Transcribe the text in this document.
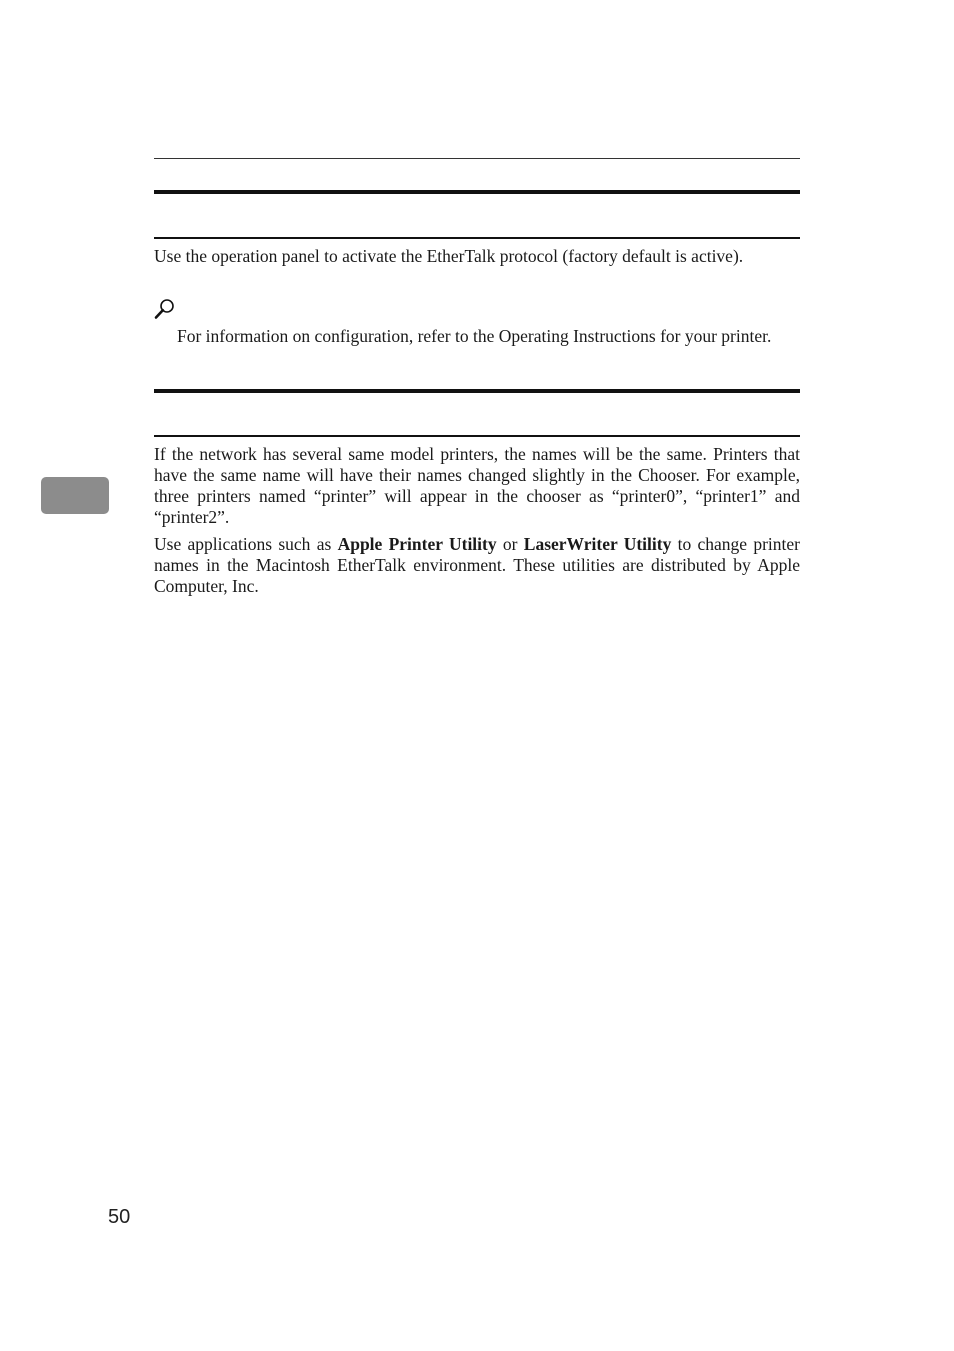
Use the operation panel to activate the EtherTalk protocol (factory default is active).

For information on configuration, refer to the Operating Instructions for your printer.

If the network has several same model printers, the names will be the same. Printers that have the same name will have their names changed slightly in the Chooser. For example, three printers named “printer” will appear in the chooser as “printer0”, “printer1” and “printer2”.

Use applications such as Apple Printer Utility or LaserWriter Utility to change printer names in the Macintosh EtherTalk environment. These utilities are distributed by Apple Computer, Inc.

50
